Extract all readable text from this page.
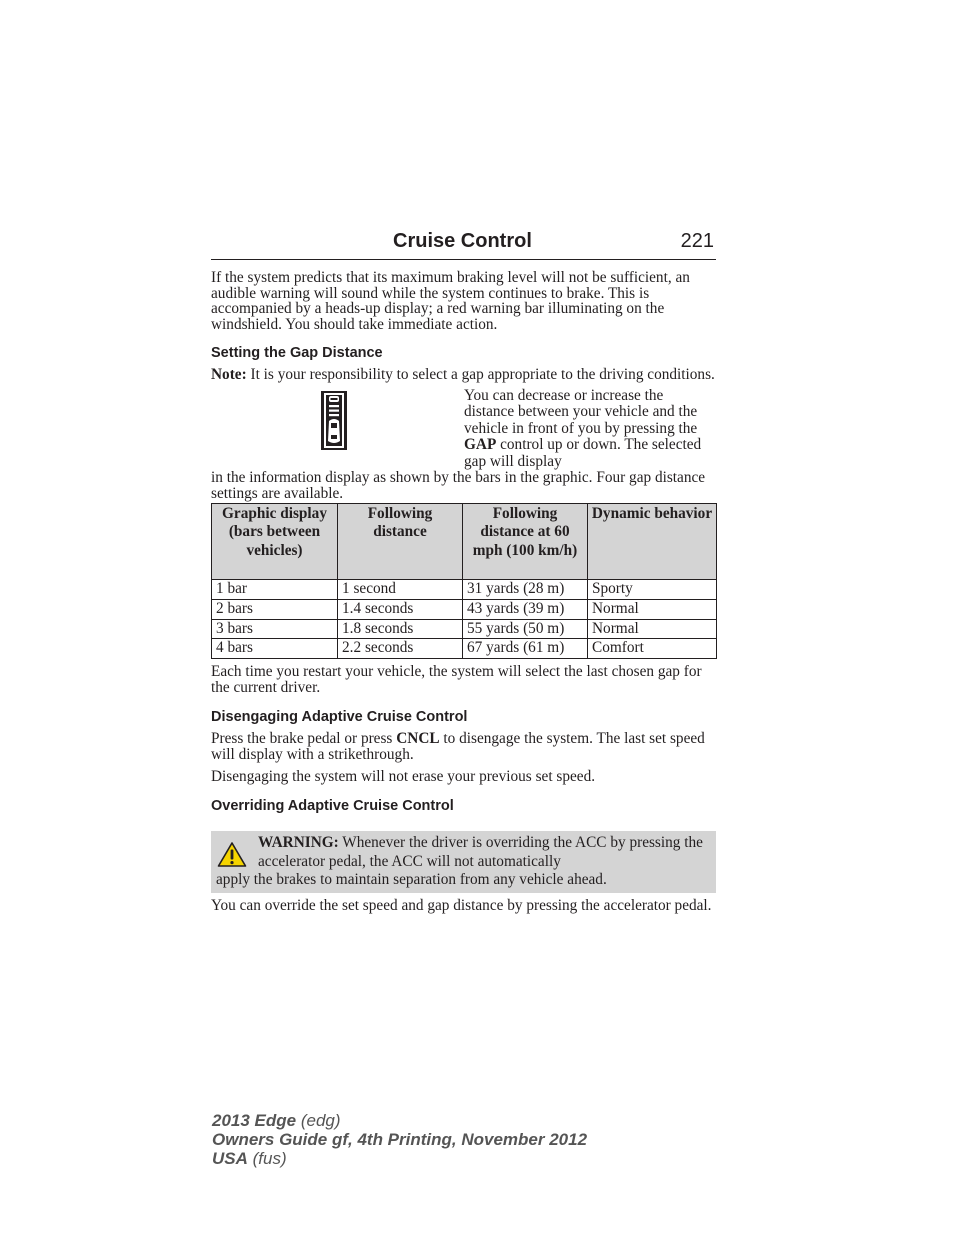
Cruise Control	221

If the system predicts that its maximum braking level will not be sufficient, an audible warning will sound while the system continues to brake. This is accompanied by a heads-up display; a red warning bar illuminating on the windshield. You should take immediate action.

Setting the Gap Distance

Note: It is your responsibility to select a gap appropriate to the driving conditions.

You can decrease or increase the distance between your vehicle and the vehicle in front of you by pressing the GAP control up or down. The selected gap will display

in the information display as shown by the bars in the graphic. Four gap distance settings are available.

Graphic display (bars between vehicles)	Following distance	Following distance at 60 mph (100 km/h)	Dynamic behavior
1 bar	1 second	31 yards (28 m)	Sporty
2 bars	1.4 seconds	43 yards (39 m)	Normal
3 bars	1.8 seconds	55 yards (50 m)	Normal
4 bars	2.2 seconds	67 yards (61 m)	Comfort

Each time you restart your vehicle, the system will select the last chosen gap for the current driver.

Disengaging Adaptive Cruise Control

Press the brake pedal or press CNCL to disengage the system. The last set speed will display with a strikethrough.

Disengaging the system will not erase your previous set speed.

Overriding Adaptive Cruise Control

WARNING: Whenever the driver is overriding the ACC by pressing the accelerator pedal, the ACC will not automatically

apply the brakes to maintain separation from any vehicle ahead.

You can override the set speed and gap distance by pressing the accelerator pedal.

2013 Edge (edg)
Owners Guide gf, 4th Printing, November 2012
USA (fus)
